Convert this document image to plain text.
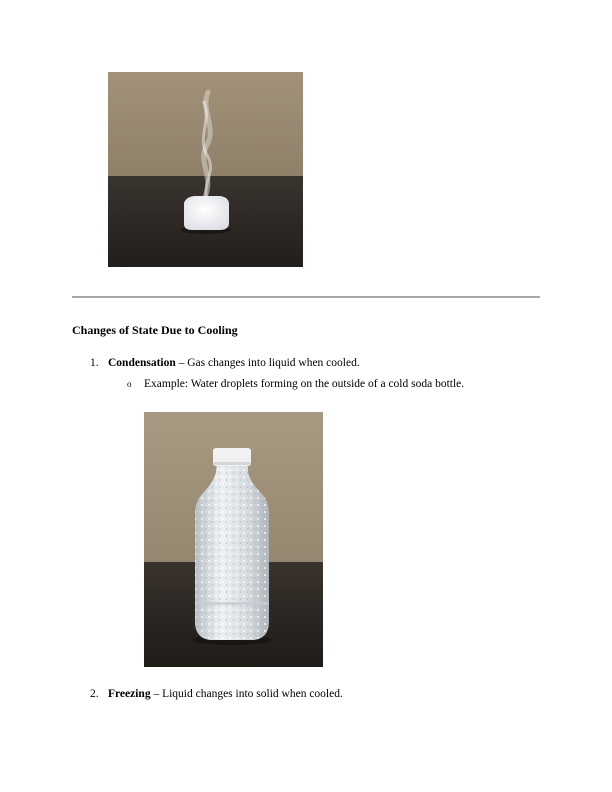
Changes of State Due to Cooling
1. Condensation – Gas changes into liquid when cooled.
o Example: Water droplets forming on the outside of a cold soda bottle.
2. Freezing – Liquid changes into solid when cooled.
